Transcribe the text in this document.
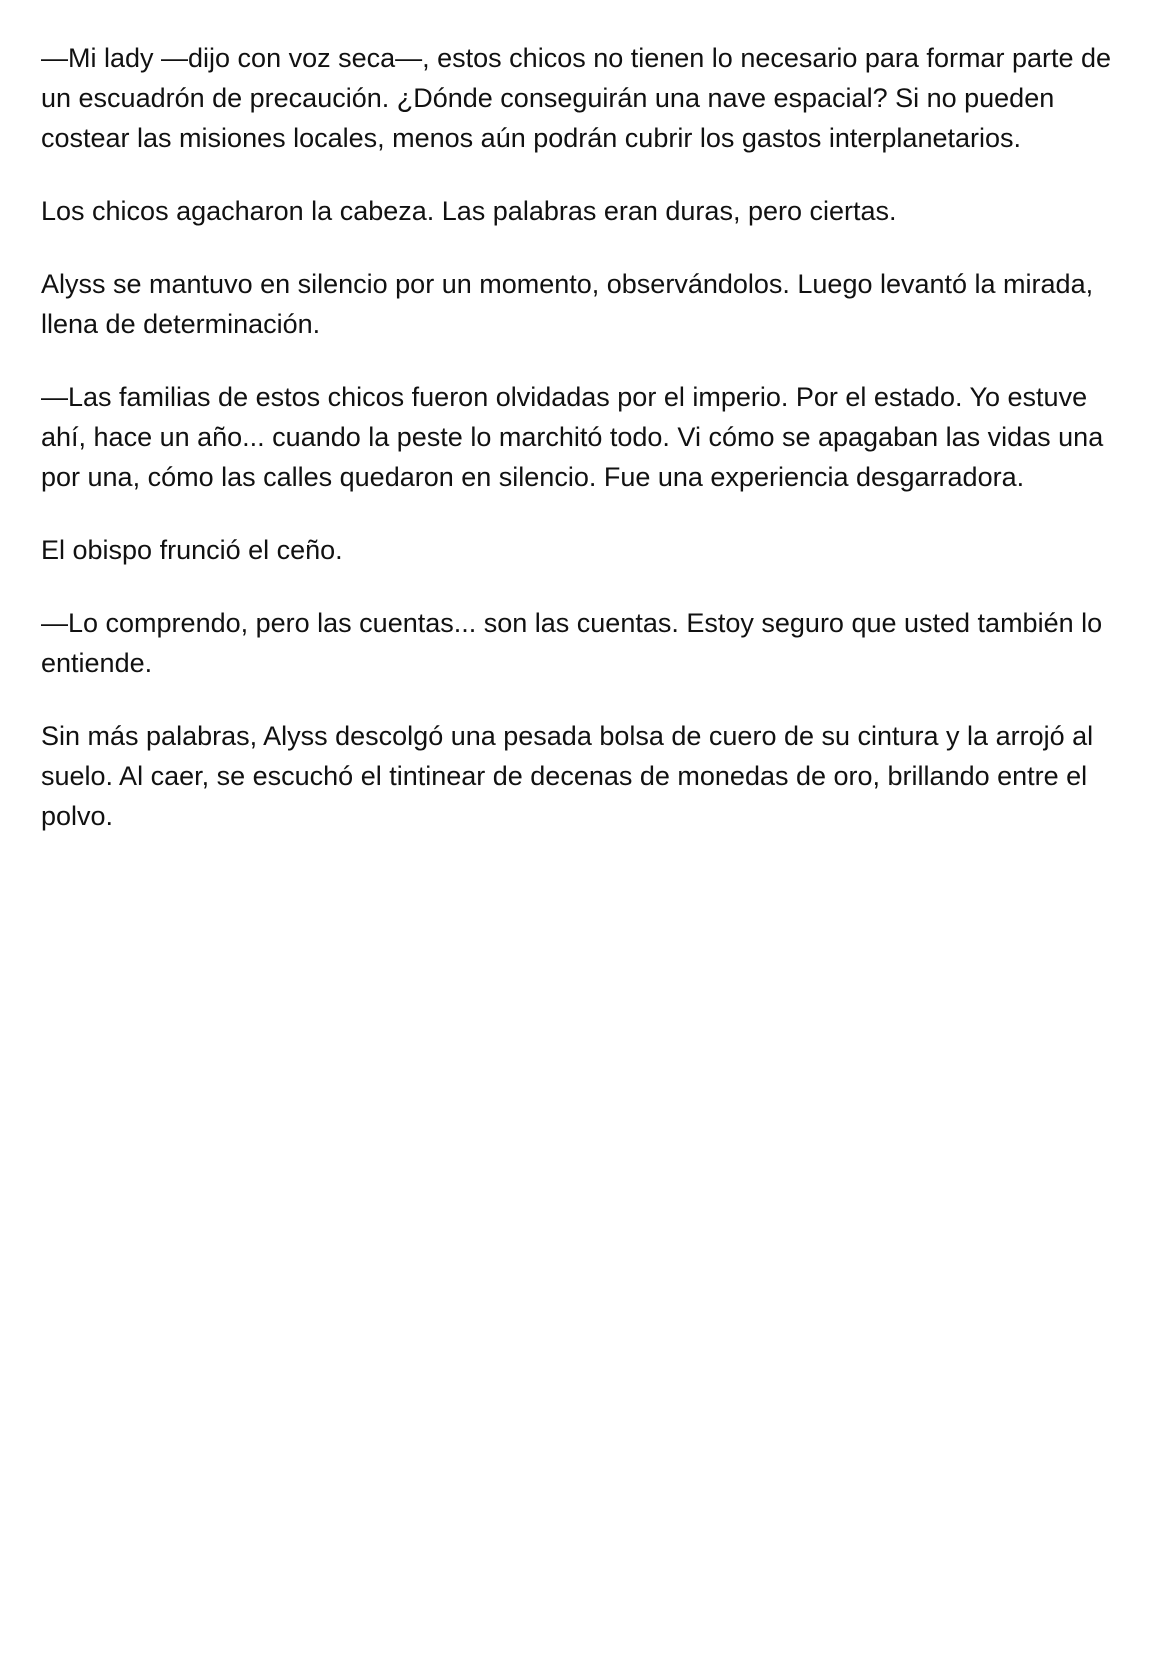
—Mi lady —dijo con voz seca—, estos chicos no tienen lo necesario para formar parte de un escuadrón de precaución. ¿Dónde conseguirán una nave espacial? Si no pueden costear las misiones locales, menos aún podrán cubrir los gastos interplanetarios.

Los chicos agacharon la cabeza. Las palabras eran duras, pero ciertas.

Alyss se mantuvo en silencio por un momento, observándolos. Luego levantó la mirada, llena de determinación.

—Las familias de estos chicos fueron olvidadas por el imperio. Por el estado. Yo estuve ahí, hace un año... cuando la peste lo marchitó todo. Vi cómo se apagaban las vidas una por una, cómo las calles quedaron en silencio. Fue una experiencia desgarradora.

El obispo frunció el ceño.

—Lo comprendo, pero las cuentas... son las cuentas. Estoy seguro que usted también lo entiende.

Sin más palabras, Alyss descolgó una pesada bolsa de cuero de su cintura y la arrojó al suelo. Al caer, se escuchó el tintinear de decenas de monedas de oro, brillando entre el polvo.
